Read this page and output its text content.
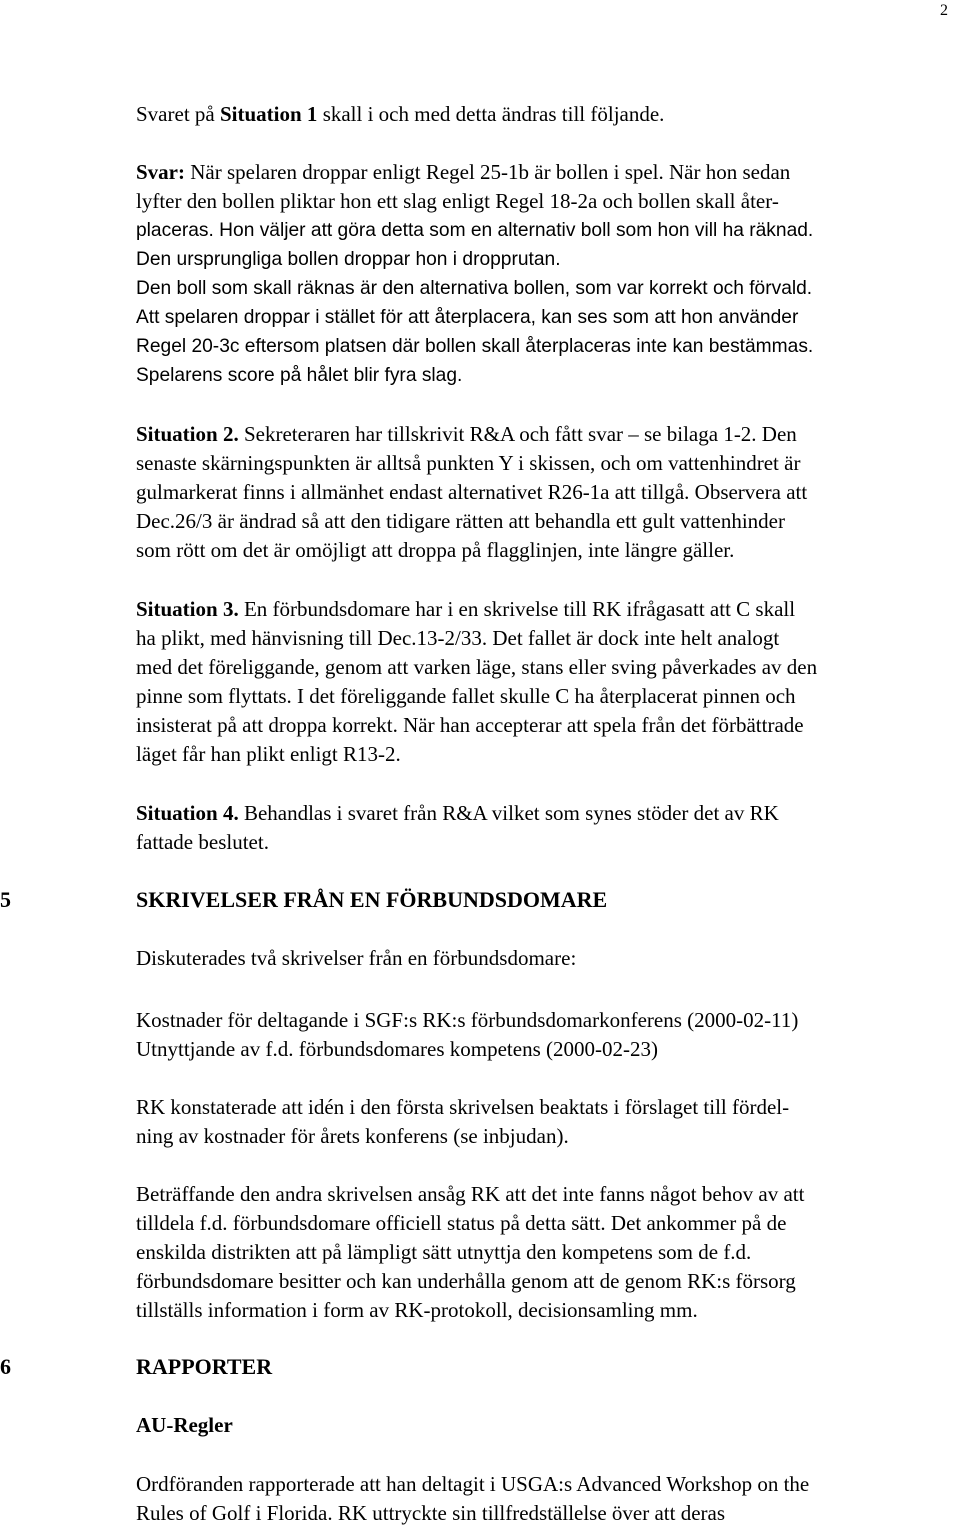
2
Svaret på Situation 1 skall i och med detta ändras till följande.
Svar: När spelaren droppar enligt Regel 25-1b är bollen i spel. När hon sedan
lyfter den bollen pliktar hon ett slag enligt Regel 18-2a och bollen skall åter-
placeras. Hon väljer att göra detta som en alternativ boll som hon vill ha räknad.
Den ursprungliga bollen droppar hon i dropprutan.
Den boll som skall räknas är den alternativa bollen, som var korrekt och förvald.
Att spelaren droppar i stället för att återplacera, kan ses som att hon använder
Regel 20-3c eftersom platsen där bollen skall återplaceras inte kan bestämmas.
Spelarens score på hålet blir fyra slag.
Situation 2. Sekreteraren har tillskrivit R&A och fått svar – se bilaga 1-2. Den
senaste skärningspunkten är alltså punkten Y i skissen, och om vattenhindret är
gulmarkerat finns i allmänhet endast alternativet R26-1a att tillgå. Observera att
Dec.26/3 är ändrad så att den tidigare rätten att behandla ett gult vattenhinder
som rött om det är omöjligt att droppa på flagglinjen, inte längre gäller.
Situation 3. En förbundsdomare har i en skrivelse till RK ifrågasatt att C skall
ha plikt, med hänvisning till Dec.13-2/33. Det fallet är dock inte helt analogt
med det föreliggande, genom att varken läge, stans eller sving påverkades av den
pinne som flyttats. I det föreliggande fallet skulle C ha återplacerat pinnen och
insisterat på att droppa korrekt. När han accepterar att spela från det förbättrade
läget får han plikt enligt R13-2.
Situation 4. Behandlas i svaret från R&A vilket som synes stöder det av RK
fattade beslutet.
5	SKRIVELSER FRÅN EN FÖRBUNDSDOMARE
Diskuterades två skrivelser från en förbundsdomare:
Kostnader för deltagande i SGF:s RK:s förbundsdomarkonferens (2000-02-11)
Utnyttjande av f.d. förbundsdomares kompetens (2000-02-23)
RK konstaterade att idén i den första skrivelsen beaktats i förslaget till fördel-
ning av kostnader för årets konferens (se inbjudan).
Beträffande den andra skrivelsen ansåg RK att det inte fanns något behov av att
tilldela f.d. förbundsdomare officiell status på detta sätt. Det ankommer på de
enskilda distrikten att på lämpligt sätt utnyttja den kompetens som de f.d.
förbundsdomare besitter och kan underhålla genom att de genom RK:s försorg
tillställs information i form av RK-protokoll, decisionsamling mm.
6	RAPPORTER
AU-Regler
Ordföranden rapporterade att han deltagit i USGA:s Advanced Workshop on the
Rules of Golf i Florida. RK uttryckte sin tillfredställelse över att deras
